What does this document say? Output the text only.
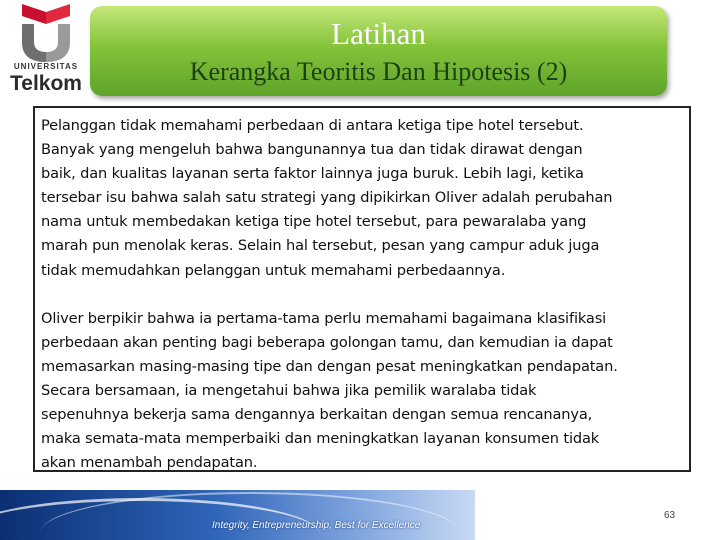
UNIVERSITAS
Telkom
Latihan
Kerangka Teoritis Dan Hipotesis (2)

Pelanggan tidak memahami perbedaan di antara ketiga tipe hotel tersebut.
Banyak yang mengeluh bahwa bangunannya tua dan tidak dirawat dengan
baik, dan kualitas layanan serta faktor lainnya juga buruk. Lebih lagi, ketika
tersebar isu bahwa salah satu strategi yang dipikirkan Oliver adalah perubahan
nama untuk membedakan ketiga tipe hotel tersebut, para pewaralaba yang
marah pun menolak keras. Selain hal tersebut, pesan yang campur aduk juga
tidak memudahkan pelanggan untuk memahami perbedaannya.

Oliver berpikir bahwa ia pertama-tama perlu memahami bagaimana klasifikasi
perbedaan akan penting bagi beberapa golongan tamu, dan kemudian ia dapat
memasarkan masing-masing tipe dan dengan pesat meningkatkan pendapatan.
Secara bersamaan, ia mengetahui bahwa jika pemilik waralaba tidak
sepenuhnya bekerja sama dengannya berkaitan dengan semua rencananya,
maka semata-mata memperbaiki dan meningkatkan layanan konsumen tidak
akan menambah pendapatan.

Integrity, Entrepreneurship, Best for Excellence
63
